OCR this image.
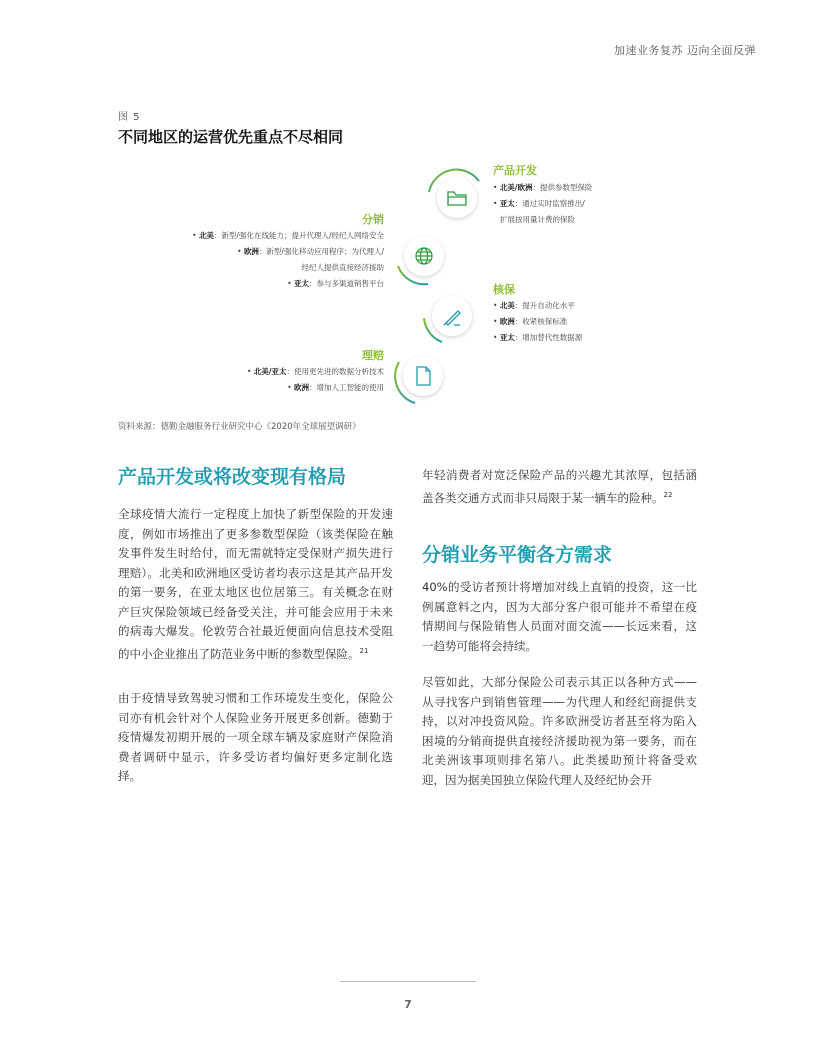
加速业务复苏 迈向全面反弹
图 5
不同地区的运营优先重点不尽相同
产品开发
• 北美/欧洲：提供参数型保险
• 亚太：通过实时监察推出/
扩展按用量计费的保险
分销
• 北美：新型/强化在线能力；提升代理人/经纪人网络安全
• 欧洲：新型/强化移动应用程序；为代理人/
经纪人提供直接经济援助
• 亚太：参与多渠道销售平台	核保
• 北美：提升自动化水平
• 欧洲：收紧核保标准
• 亚太：增加替代性数据源
理赔
• 北美/亚太：使用更先进的数据分析技术
• 欧洲：增加人工智能的使用
资料来源：德勤金融服务行业研究中心《2020年全球展望调研》
产品开发或将改变现有格局
全球疫情大流行一定程度上加快了新型保险的开发速度，例如市场推出了更多参数型保险（该类保险在触发事件发生时给付，而无需就特定受保财产损失进行理赔）。北美和欧洲地区受访者均表示这是其产品开发的第一要务，在亚太地区也位居第三。有关概念在财产巨灾保险领域已经备受关注，并可能会应用于未来的病毒大爆发。伦敦劳合社最近便面向信息技术受阻的中小企业推出了防范业务中断的参数型保险。$^{21}$
由于疫情导致驾驶习惯和工作环境发生变化，保险公司亦有机会针对个人保险业务开展更多创新。德勤于疫情爆发初期开展的一项全球车辆及家庭财产保险消费者调研中显示，许多受访者均偏好更多定制化选择。
年轻消费者对宽泛保险产品的兴趣尤其浓厚，包括涵盖各类交通方式而非只局限于某一辆车的险种。$^{22}$
分销业务平衡各方需求
40%的受访者预计将增加对线上直销的投资，这一比例属意料之内，因为大部分客户很可能并不希望在疫情期间与保险销售人员面对面交流——长远来看，这一趋势可能将会持续。
尽管如此，大部分保险公司表示其正以各种方式——从寻找客户到销售管理——为代理人和经纪商提供支持，以对冲投资风险。许多欧洲受访者甚至将为陷入困境的分销商提供直接经济援助视为第一要务，而在北美洲该事项则排名第八。此类援助预计将备受欢迎，因为据美国独立保险代理人及经纪协会开
7
